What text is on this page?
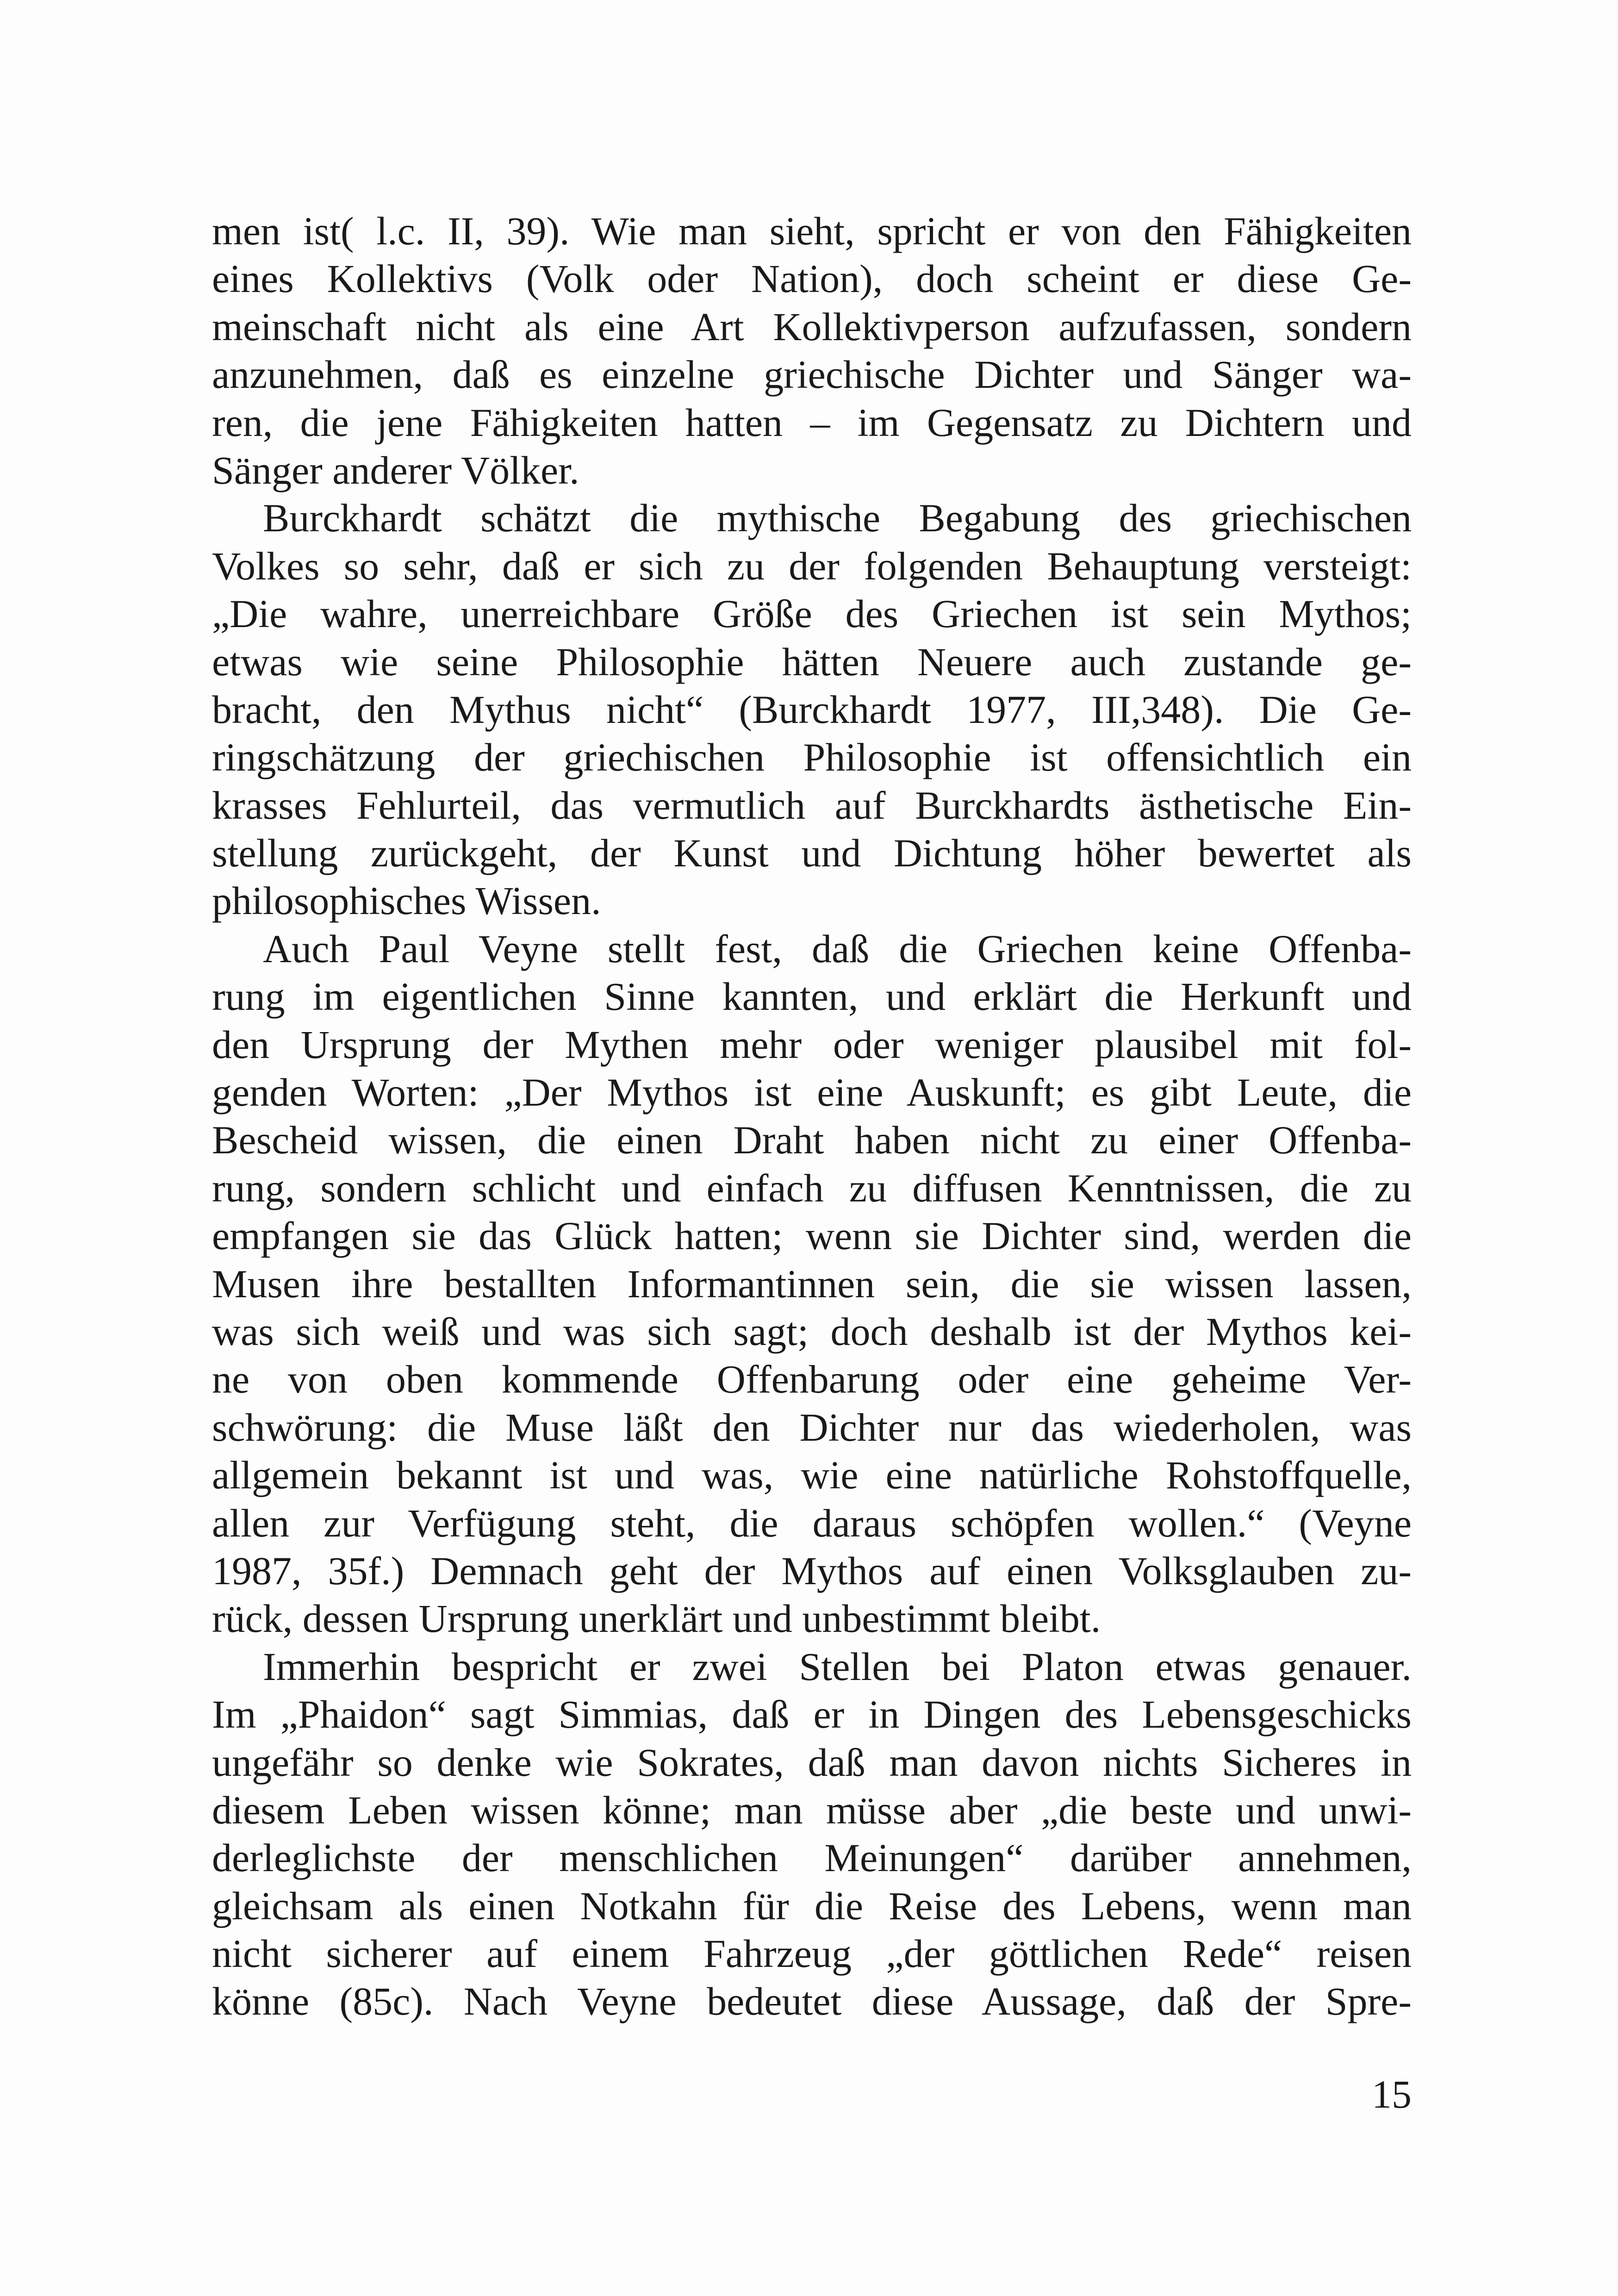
men ist( l.c. II, 39). Wie man sieht, spricht er von den Fähigkeiten
eines Kollektivs (Volk oder Nation), doch scheint er diese Ge-
meinschaft nicht als eine Art Kollektivperson aufzufassen, sondern
anzunehmen, daß es einzelne griechische Dichter und Sänger wa-
ren, die jene Fähigkeiten hatten – im Gegensatz zu Dichtern und
Sänger anderer Völker.
Burckhardt schätzt die mythische Begabung des griechischen
Volkes so sehr, daß er sich zu der folgenden Behauptung versteigt:
„Die wahre, unerreichbare Größe des Griechen ist sein Mythos;
etwas wie seine Philosophie hätten Neuere auch zustande ge-
bracht, den Mythus nicht“ (Burckhardt 1977, III,348). Die Ge-
ringschätzung der griechischen Philosophie ist offensichtlich ein
krasses Fehlurteil, das vermutlich auf Burckhardts ästhetische Ein-
stellung zurückgeht, der Kunst und Dichtung höher bewertet als
philosophisches Wissen.
Auch Paul Veyne stellt fest, daß die Griechen keine Offenba-
rung im eigentlichen Sinne kannten, und erklärt die Herkunft und
den Ursprung der Mythen mehr oder weniger plausibel mit fol-
genden Worten: „Der Mythos ist eine Auskunft; es gibt Leute, die
Bescheid wissen, die einen Draht haben nicht zu einer Offenba-
rung, sondern schlicht und einfach zu diffusen Kenntnissen, die zu
empfangen sie das Glück hatten; wenn sie Dichter sind, werden die
Musen ihre bestallten Informantinnen sein, die sie wissen lassen,
was sich weiß und was sich sagt; doch deshalb ist der Mythos kei-
ne von oben kommende Offenbarung oder eine geheime Ver-
schwörung: die Muse läßt den Dichter nur das wiederholen, was
allgemein bekannt ist und was, wie eine natürliche Rohstoffquelle,
allen zur Verfügung steht, die daraus schöpfen wollen.“ (Veyne
1987, 35f.) Demnach geht der Mythos auf einen Volksglauben zu-
rück, dessen Ursprung unerklärt und unbestimmt bleibt.
Immerhin bespricht er zwei Stellen bei Platon etwas genauer.
Im „Phaidon“ sagt Simmias, daß er in Dingen des Lebensgeschicks
ungefähr so denke wie Sokrates, daß man davon nichts Sicheres in
diesem Leben wissen könne; man müsse aber „die beste und unwi-
derleglichste der menschlichen Meinungen“ darüber annehmen,
gleichsam als einen Notkahn für die Reise des Lebens, wenn man
nicht sicherer auf einem Fahrzeug „der göttlichen Rede“ reisen
könne (85c). Nach Veyne bedeutet diese Aussage, daß der Spre-
15
